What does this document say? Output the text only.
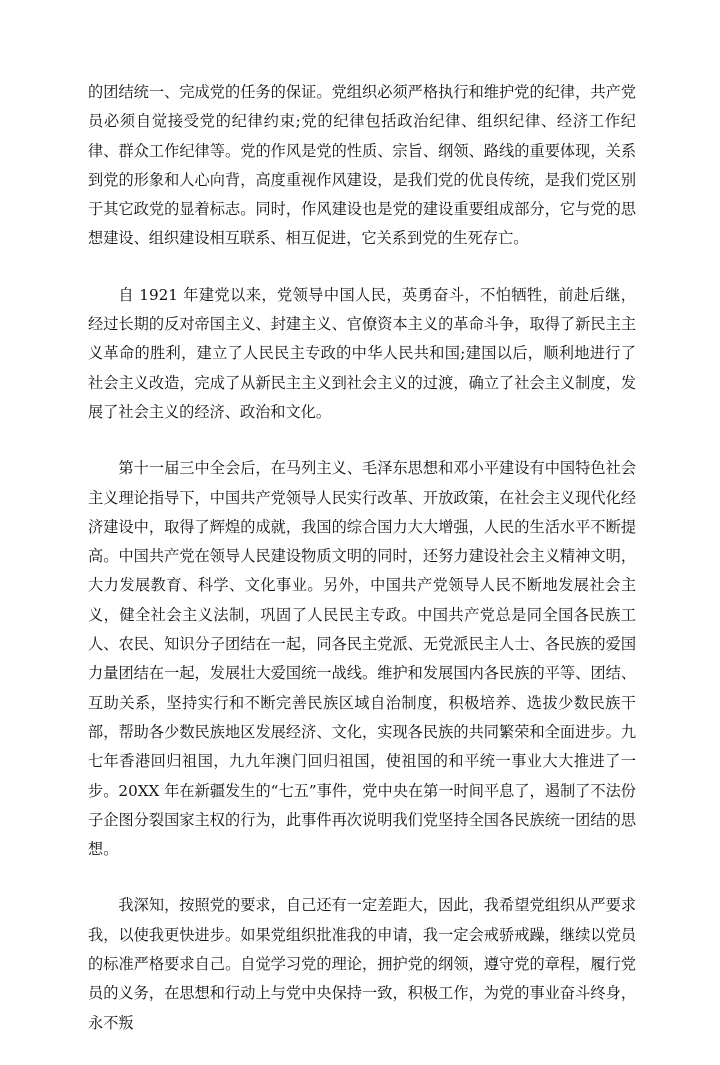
的团结统一、完成党的任务的保证。党组织必须严格执行和维护党的纪律，共产党员必须自觉接受党的纪律约束;党的纪律包括政治纪律、组织纪律、经济工作纪律、群众工作纪律等。党的作风是党的性质、宗旨、纲领、路线的重要体现，关系到党的形象和人心向背，高度重视作风建设，是我们党的优良传统，是我们党区别于其它政党的显着标志。同时，作风建设也是党的建设重要组成部分，它与党的思想建设、组织建设相互联系、相互促进，它关系到党的生死存亡。

自 1921 年建党以来，党领导中国人民，英勇奋斗，不怕牺牲，前赴后继，经过长期的反对帝国主义、封建主义、官僚资本主义的革命斗争，取得了新民主主义革命的胜利，建立了人民民主专政的中华人民共和国;建国以后，顺利地进行了社会主义改造，完成了从新民主主义到社会主义的过渡，确立了社会主义制度，发展了社会主义的经济、政治和文化。

第十一届三中全会后，在马列主义、毛泽东思想和邓小平建设有中国特色社会主义理论指导下，中国共产党领导人民实行改革、开放政策，在社会主义现代化经济建设中，取得了辉煌的成就，我国的综合国力大大增强，人民的生活水平不断提高。中国共产党在领导人民建设物质文明的同时，还努力建设社会主义精神文明，大力发展教育、科学、文化事业。另外，中国共产党领导人民不断地发展社会主义，健全社会主义法制，巩固了人民民主专政。中国共产党总是同全国各民族工人、农民、知识分子团结在一起，同各民主党派、无党派民主人士、各民族的爱国力量团结在一起，发展壮大爱国统一战线。维护和发展国内各民族的平等、团结、互助关系，坚持实行和不断完善民族区域自治制度，积极培养、选拔少数民族干部，帮助各少数民族地区发展经济、文化，实现各民族的共同繁荣和全面进步。九七年香港回归祖国，九九年澳门回归祖国，使祖国的和平统一事业大大推进了一步。20XX 年在新疆发生的“七五”事件，党中央在第一时间平息了，遏制了不法份子企图分裂国家主权的行为，此事件再次说明我们党坚持全国各民族统一团结的思想。

我深知，按照党的要求，自己还有一定差距大，因此，我希望党组织从严要求我，以使我更快进步。如果党组织批准我的申请，我一定会戒骄戒躁，继续以党员的标准严格要求自己。自觉学习党的理论，拥护党的纲领，遵守党的章程，履行党员的义务，在思想和行动上与党中央保持一致，积极工作，为党的事业奋斗终身，永不叛
